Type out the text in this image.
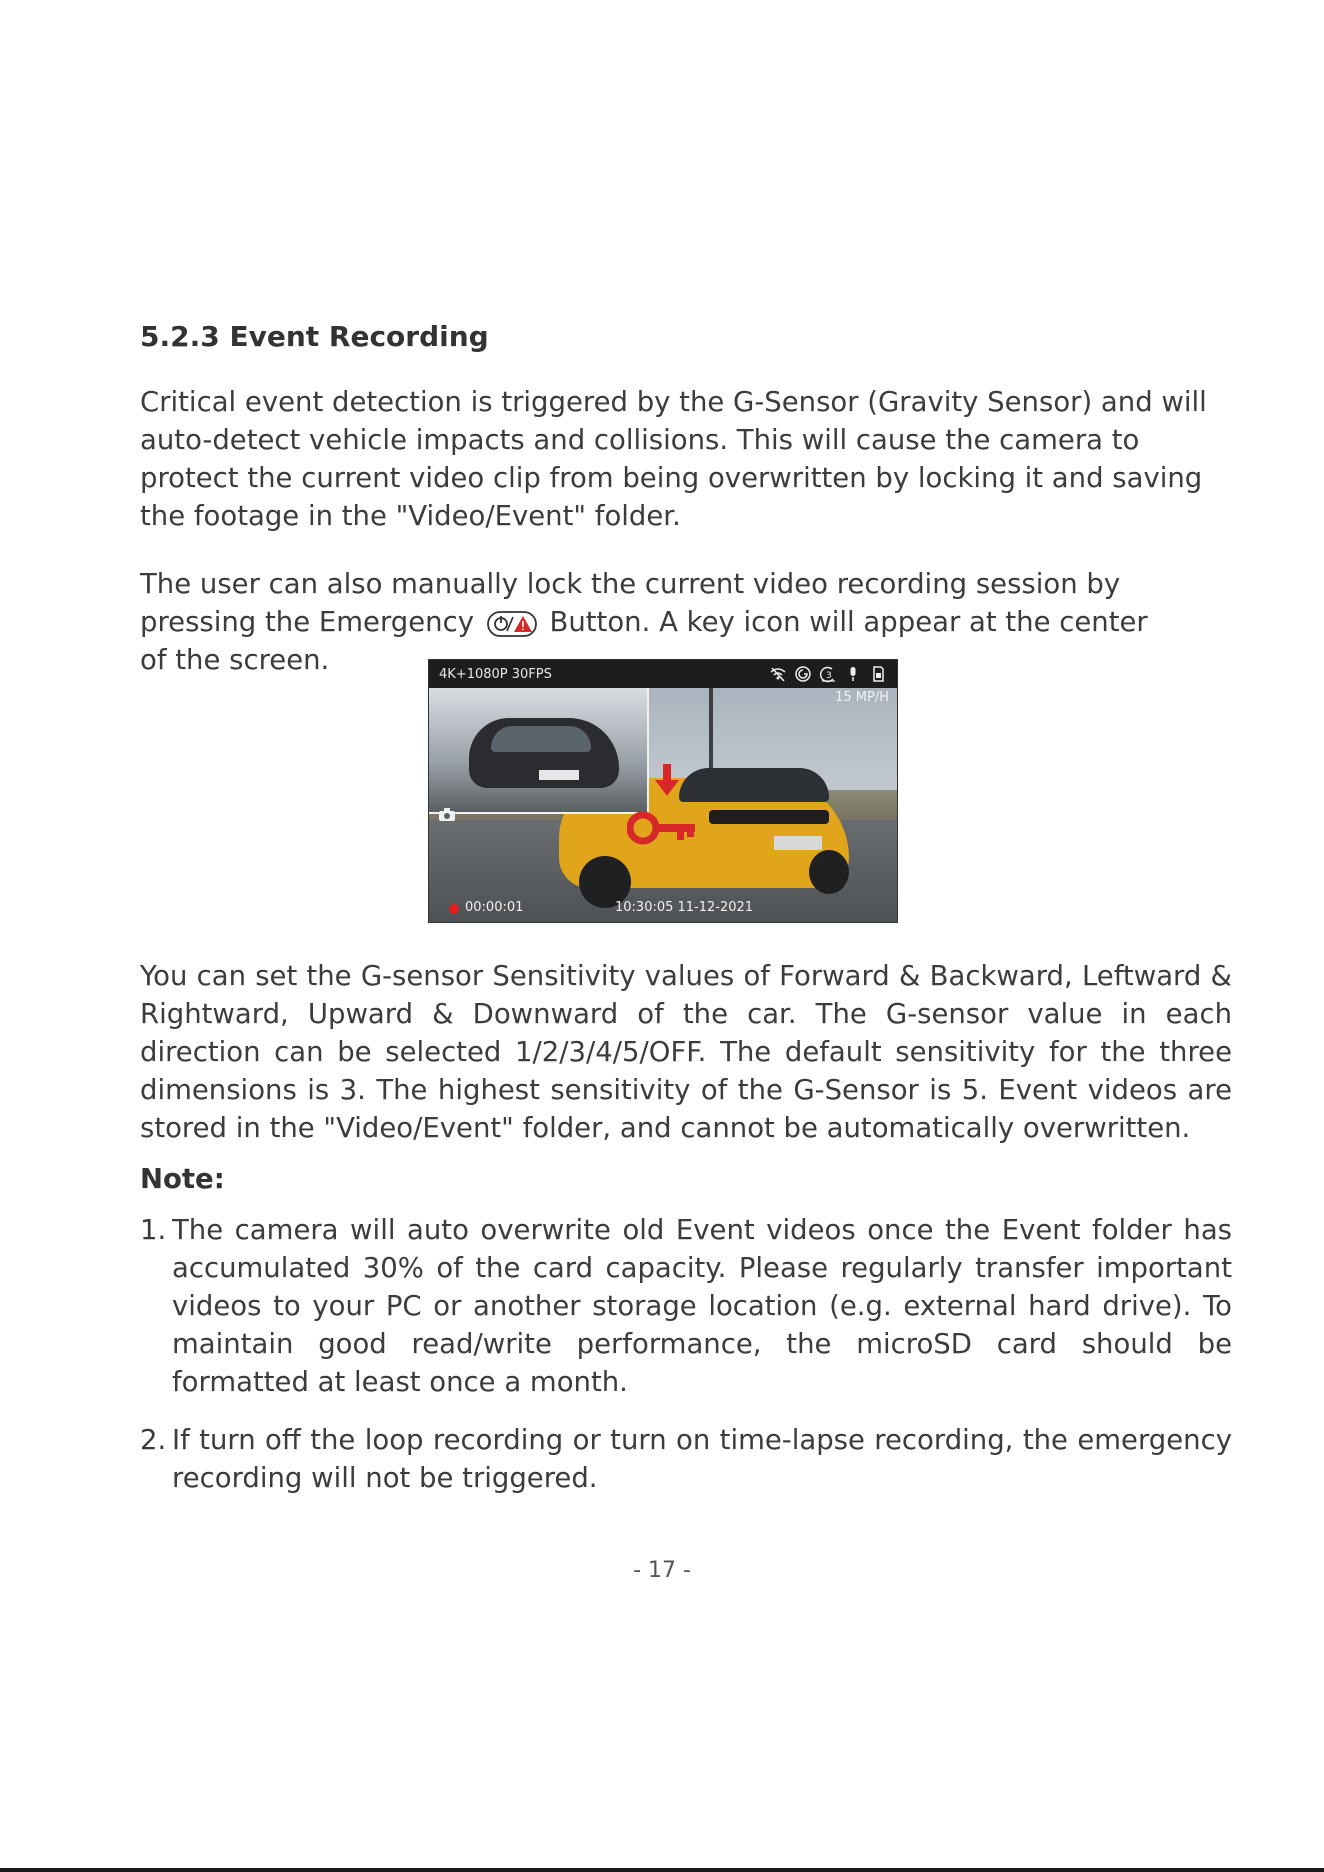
5.2.3 Event Recording

Critical event detection is triggered by the G-Sensor (Gravity Sensor) and will auto-detect vehicle impacts and collisions. This will cause the camera to protect the current video clip from being overwritten by locking it and saving the footage in the "Video/Event" folder.

The user can also manually lock the current video recording session by pressing the Emergency	Button. A key icon will appear at the center
of the screen.

You can set the G-sensor Sensitivity values of Forward & Backward, Leftward & Rightward, Upward & Downward of the car. The G-sensor value in each direction can be selected 1/2/3/4/5/OFF. The default sensitivity for the three dimensions is 3. The highest sensitivity of the G-Sensor is 5. Event videos are stored in the "Video/Event" folder, and cannot be automatically overwritten.

Note:
1. The camera will auto overwrite old Event videos once the Event folder has accumulated 30% of the card capacity. Please regularly transfer important videos to your PC or another storage location (e.g. external hard drive). To maintain good read/write performance, the microSD card should be formatted at least once a month.
2. If turn off the loop recording or turn on time-lapse recording, the emergency recording will not be triggered.
4K+1080P 30FPS	3
15 MP/H
00:00:01	10:30:05 11-12-2021
- 17 -
